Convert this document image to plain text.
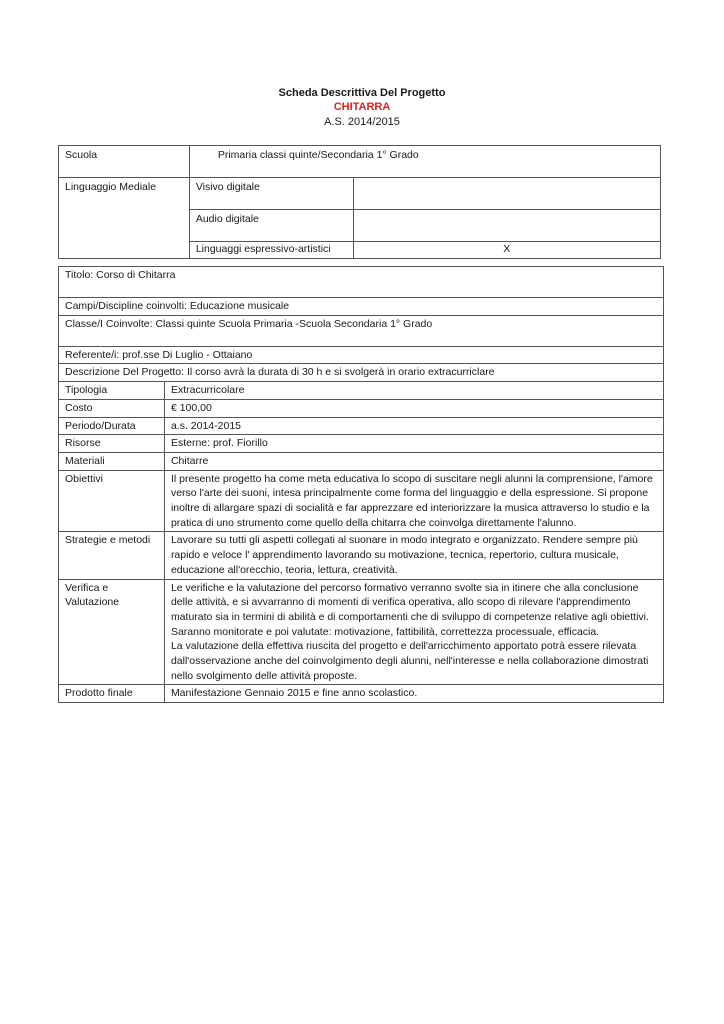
Scheda Descrittiva Del Progetto
CHITARRA
A.S. 2014/2015
Scuola	Primaria classi quinte/Secondaria 1° Grado	
Linguaggio Mediale	Visivo digitale	
	Audio digitale	
	Linguaggi espressivo-artistici	X
Titolo: Corso di Chitarra	
Campi/Discipline coinvolti: Educazione musicale	
Classe/I Coinvolte: Classi quinte Scuola Primaria -Scuola Secondaria 1° Grado	
Referente/i: prof.sse Di Luglio - Ottaiano	
Descrizione Del Progetto: Il corso avrà la durata di 30 h e si svolgerà in orario extracurriclare	
Tipologia	Extracurricolare
Costo	€ 100,00
Periodo/Durata	a.s. 2014-2015
Risorse	Esterne: prof. Fiorillo
Materiali	Chitarre
Obiettivi	Il presente progetto ha come meta educativa lo scopo di suscitare negli alunni la comprensione, l'amore verso l'arte dei suoni, intesa principalmente come forma del linguaggio e della espressione. Si propone inoltre di allargare spazi di socialità e far apprezzare ed interiorizzare la musica attraverso lo studio e la pratica di uno strumento come quello della chitarra che coinvolga direttamente l'alunno.
Strategie e metodi	Lavorare su tutti gli aspetti collegati al suonare in modo integrato e organizzato. Rendere sempre più rapido e veloce l' apprendimento lavorando su motivazione, tecnica, repertorio, cultura musicale, educazione all'orecchio, teoria, lettura, creatività.
Verifica e Valutazione	Le verifiche e la valutazione del percorso formativo verranno svolte sia in itinere che alla conclusione delle attività, e si avvarranno di momenti di verifica operativa, allo scopo di rilevare l'apprendimento maturato sia in termini di abilità e di comportamenti che di sviluppo di competenze relative agli obiettivi.
Saranno monitorate e poi valutate: motivazione, fattibilità, correttezza processuale, efficacia.
La valutazione della effettiva riuscita del progetto e dell'arricchimento apportato potrà essere rilevata dall'osservazione anche del coinvolgimento degli alunni, nell'interesse e nella collaborazione dimostrati nello svolgimento delle attività proposte.

Prodotto finale	Manifestazione Gennaio 2015 e fine anno scolastico.
